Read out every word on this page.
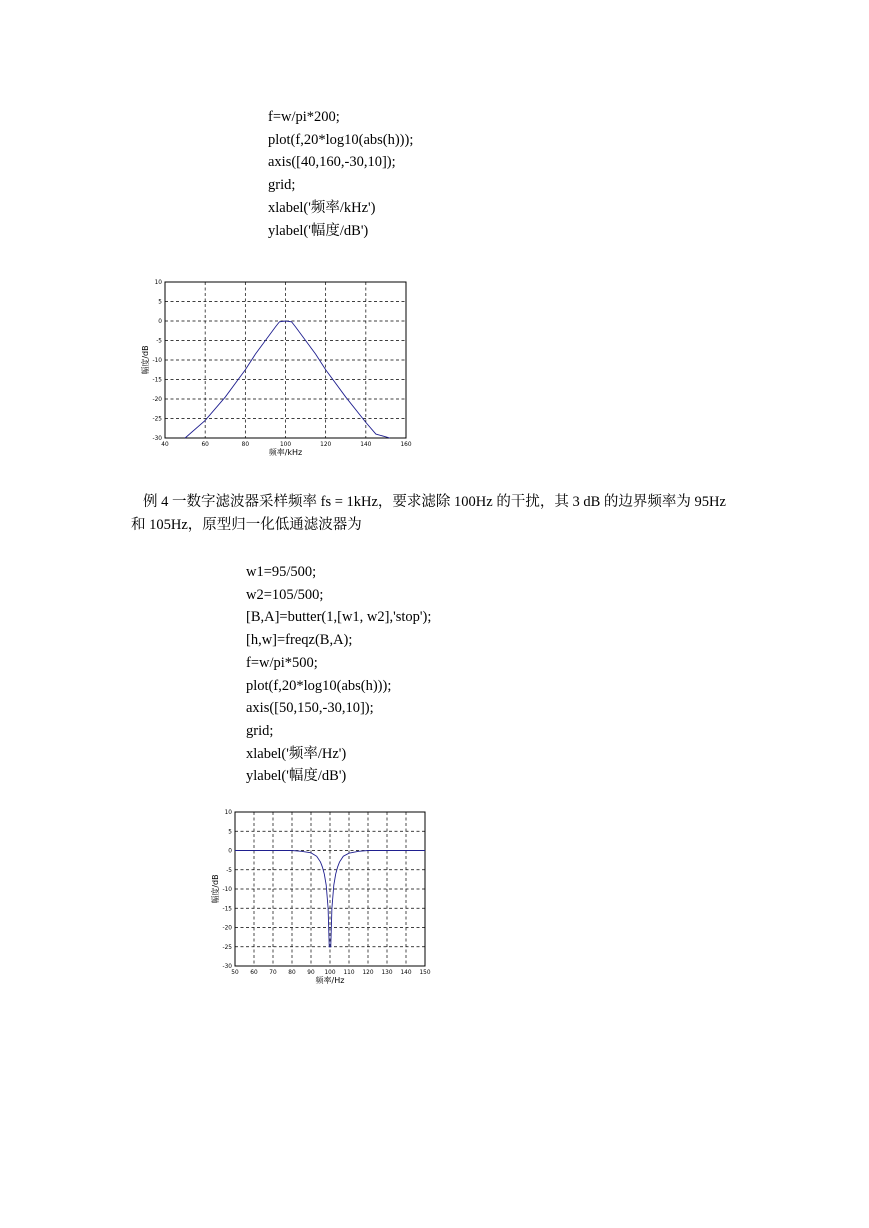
f=w/pi*200;
plot(f,20*log10(abs(h)));
axis([40,160,-30,10]);
grid;
xlabel('频率/kHz')
ylabel('幅度/dB')
40	60	80	100	120	140	160
10
5
0
-5
-10
-15
-20
-25
-30
频率/kHz
幅度/dB
例 4 一数字滤波器采样频率 fs = 1kHz，要求滤除 100Hz 的干扰，其 3 dB 的边界频率为 95Hz
和 105Hz，原型归一化低通滤波器为
w1=95/500;
w2=105/500;
[B,A]=butter(1,[w1, w2],'stop');
[h,w]=freqz(B,A);
f=w/pi*500;
plot(f,20*log10(abs(h)));
axis([50,150,-30,10]);
grid;
xlabel('频率/Hz')
ylabel('幅度/dB')
50 60 70 80 90 100 110 120 130 140 150
10
5
0
-5
-10
-15
-20
-25
-30
频率/Hz
幅度/dB
